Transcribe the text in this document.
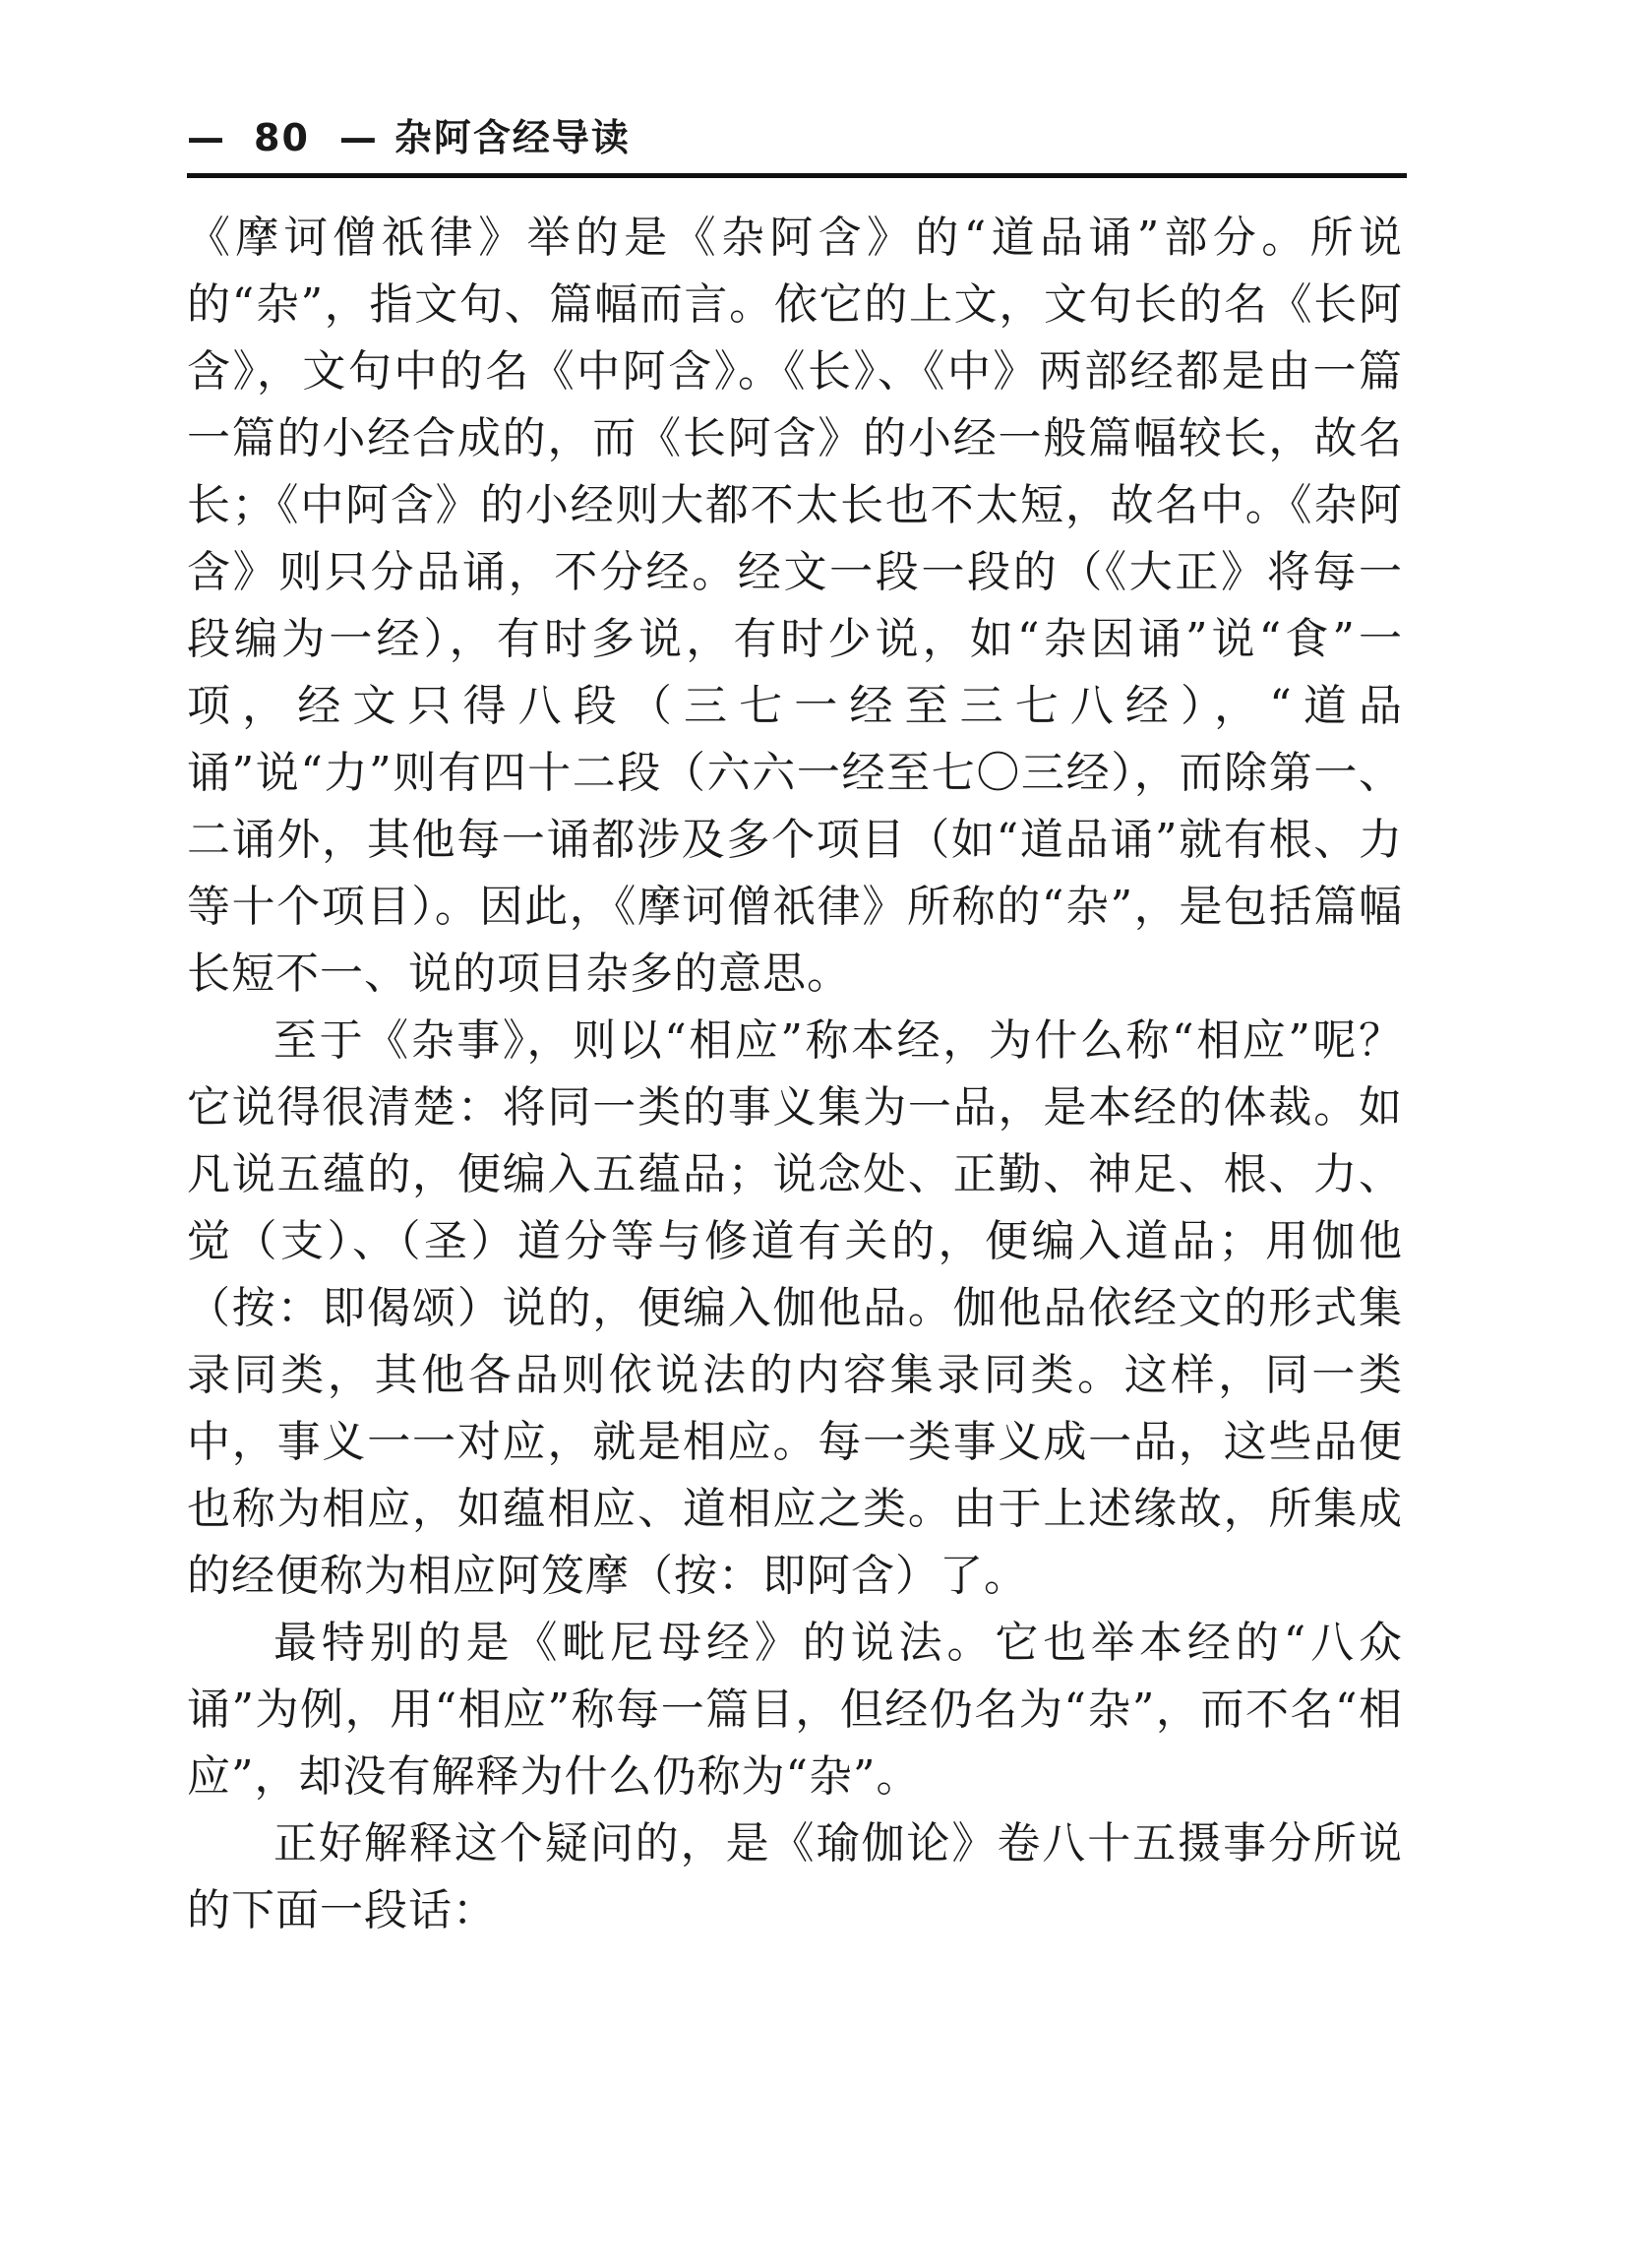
— 80 — 杂阿含经导读

《摩诃僧祇律》举的是《杂阿含》的“道品诵”部分。所说的“杂”，指文句、篇幅而言。依它的上文，文句长的名《长阿含》，文句中的名《中阿含》。《长》、《中》两部经都是由一篇一篇的小经合成的，而《长阿含》的小经一般篇幅较长，故名长；《中阿含》的小经则大都不太长也不太短，故名中。《杂阿含》则只分品诵，不分经。经文一段一段的（《大正》将每一段编为一经），有时多说，有时少说，如“杂因诵”说“食”一项，经文只得八段（三七一经至三七八经），“道品诵”说“力”则有四十二段（六六一经至七〇三经），而除第一、二诵外，其他每一诵都涉及多个项目（如“道品诵”就有根、力等十个项目）。因此，《摩诃僧祇律》所称的“杂”，是包括篇幅长短不一、说的项目杂多的意思。

至于《杂事》，则以“相应”称本经，为什么称“相应”呢？它说得很清楚：将同一类的事义集为一品，是本经的体裁。如凡说五蕴的，便编入五蕴品；说念处、正勤、神足、根、力、觉（支）、（圣）道分等与修道有关的，便编入道品；用伽他（按：即偈颂）说的，便编入伽他品。伽他品依经文的形式集录同类，其他各品则依说法的内容集录同类。这样，同一类中，事义一一对应，就是相应。每一类事义成一品，这些品便也称为相应，如蕴相应、道相应之类。由于上述缘故，所集成的经便称为相应阿笈摩（按：即阿含）了。

最特别的是《毗尼母经》的说法。它也举本经的“八众诵”为例，用“相应”称每一篇目，但经仍名为“杂”，而不名“相应”，却没有解释为什么仍称为“杂”。

正好解释这个疑问的，是《瑜伽论》卷八十五摄事分所说的下面一段话：
